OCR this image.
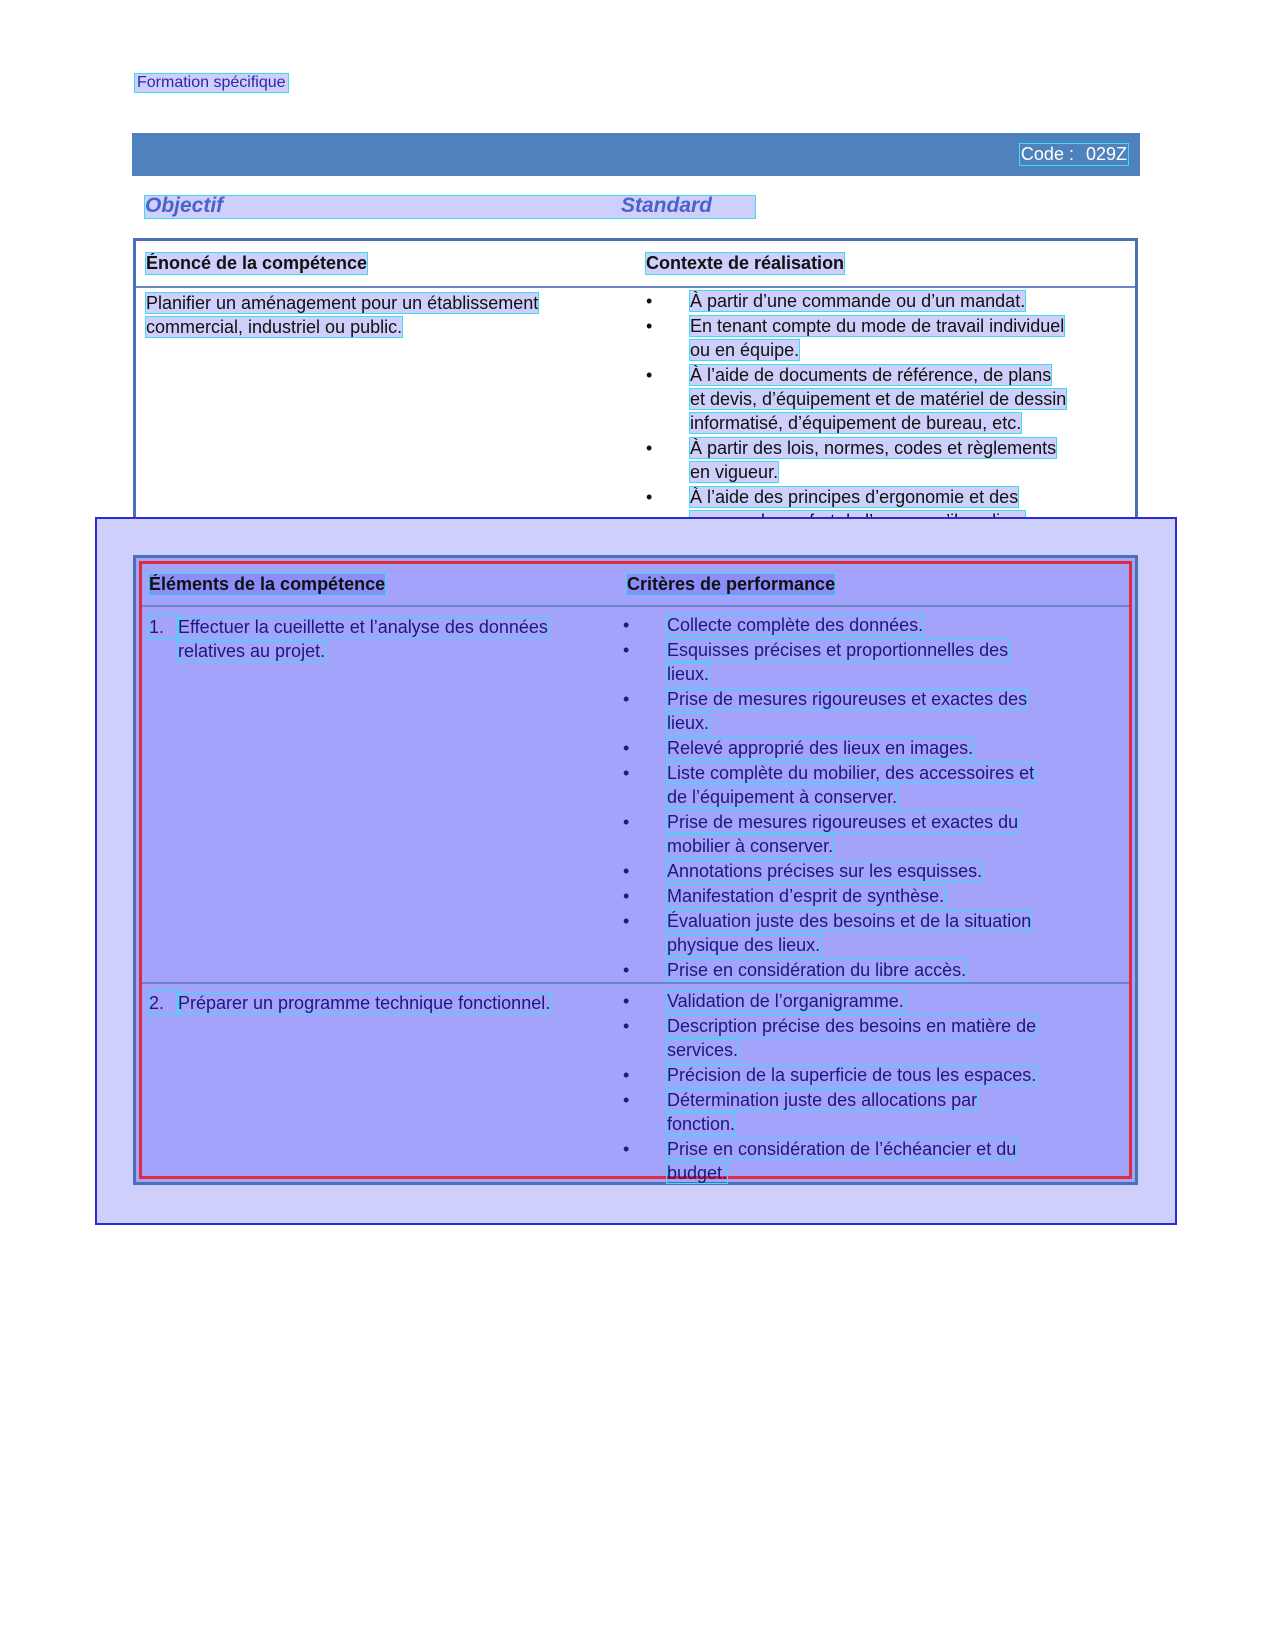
Formation spécifique
Code : 029Z
Objectif	Standard
Énoncé de la compétence	Contexte de réalisation
Planifier un aménagement pour un établissement
commercial, industriel ou public.
• À partir d’une commande ou d’un mandat.
• En tenant compte du mode de travail individuel
ou en équipe.
• À l’aide de documents de référence, de plans
et devis, d’équipement et de matériel de dessin
informatisé, d’équipement de bureau, etc.
• À partir des lois, normes, codes et règlements
en vigueur.
• À l’aide des principes d’ergonomie et des

Éléments de la compétence	Critères de performance
1. Effectuer la cueillette et l’analyse des données
relatives au projet.
• Collecte complète des données.
• Esquisses précises et proportionnelles des
lieux.
• Prise de mesures rigoureuses et exactes des
lieux.
• Relevé approprié des lieux en images.
• Liste complète du mobilier, des accessoires et
de l’équipement à conserver.
• Prise de mesures rigoureuses et exactes du
mobilier à conserver.
• Annotations précises sur les esquisses.
• Manifestation d’esprit de synthèse.
• Évaluation juste des besoins et de la situation
physique des lieux.
• Prise en considération du libre accès.
2. Préparer un programme technique fonctionnel.
•	Validation de l’organigramme.
• Description précise des besoins en matière de
services.
• Précision de la superficie de tous les espaces.
• Détermination juste des allocations par
fonction.
• Prise en considération de l’échéancier et du
budget.
